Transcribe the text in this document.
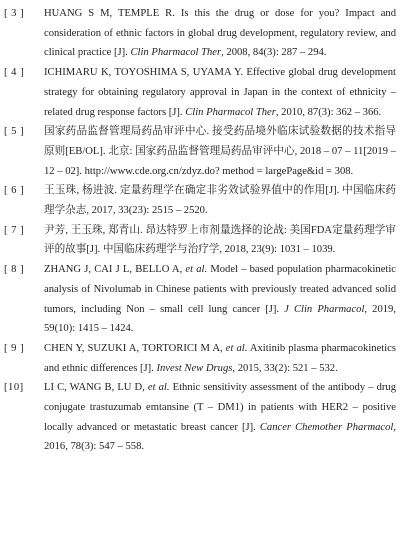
[ 3 ] HUANG S M, TEMPLE R. Is this the drug or dose for you? Impact and consideration of ethnic factors in global drug development, regulatory review, and clinical practice [J]. Clin Pharmacol Ther, 2008, 84(3): 287 – 294.
[ 4 ] ICHIMARU K, TOYOSHIMA S, UYAMA Y. Effective global drug development strategy for obtaining regulatory approval in Japan in the context of ethnicity – related drug response factors [J]. Clin Pharmacol Ther, 2010, 87(3): 362 – 366.
[ 5 ] 国家药品监督管理局药品审评中心. 接受药品境外临床试验数据的技术指导原则[EB/OL]. 北京: 国家药品监督管理局药品审评中心, 2018 – 07 – 11[2019 – 12 – 02]. http://www.cde.org.cn/zdyz.do? method = largePage&id = 308.
[ 6 ] 王玉珠, 杨进波. 定量药理学在确定非劣效试验界值中的作用[J]. 中国临床药理学杂志, 2017, 33(23): 2515 – 2520.
[ 7 ] 尹芳, 王玉珠, 郑青山. 昂达特罗上市剂量选择的论战: 美国FDA定量药理学审评的故事[J]. 中国临床药理学与治疗学, 2018, 23(9): 1031 – 1039.
[ 8 ] ZHANG J, CAI J L, BELLO A, et al. Model – based population pharmacokinetic analysis of Nivolumab in Chinese patients with previously treated advanced solid tumors, including Non – small cell lung cancer [J]. J Clin Pharmacol, 2019, 59(10): 1415 – 1424.
[ 9 ] CHEN Y, SUZUKI A, TORTORICI M A, et al. Axitinib plasma pharmacokinetics and ethnic differences [J]. Invest New Drugs, 2015, 33(2): 521 – 532.
[10] LI C, WANG B, LU D, et al. Ethnic sensitivity assessment of the antibody – drug conjugate trastuzumab emtansine (T – DM1) in patients with HER2 – positive locally advanced or metastatic breast cancer [J]. Cancer Chemother Pharmacol, 2016, 78(3): 547 – 558.
